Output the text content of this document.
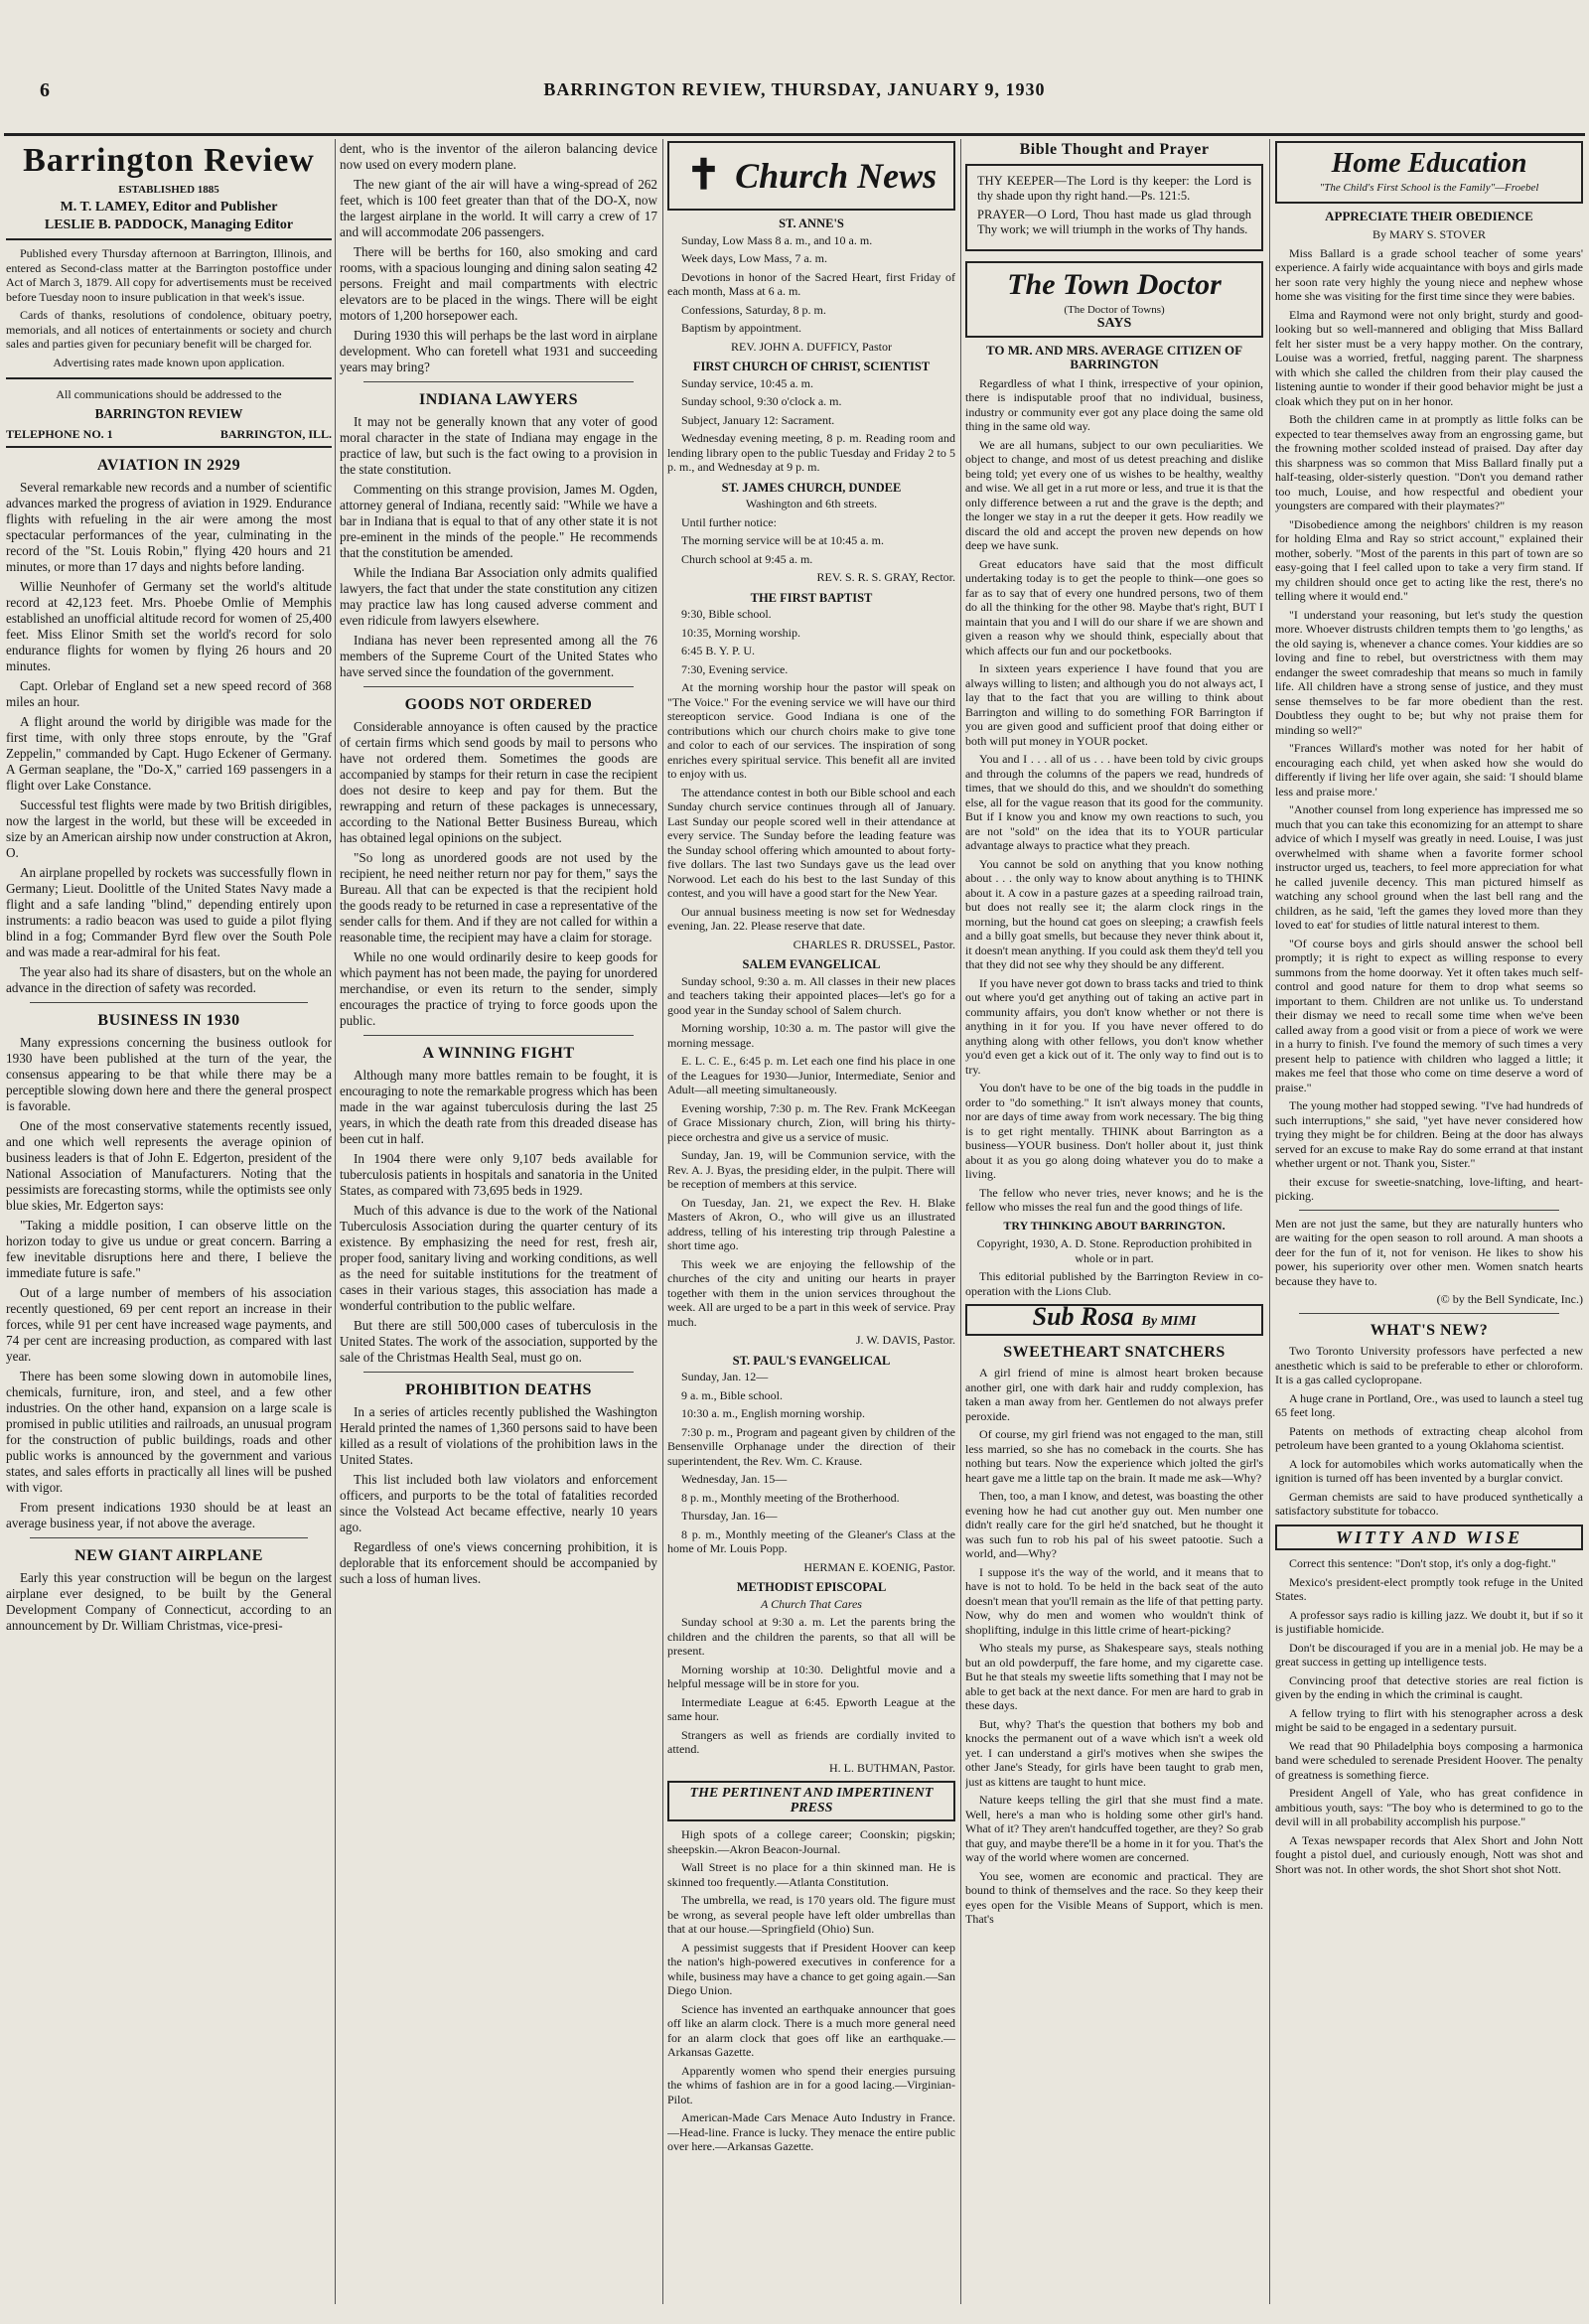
6	BARRINGTON REVIEW, THURSDAY, JANUARY 9, 1930
Barrington Review
ESTABLISHED 1885
M. T. LAMEY, Editor and Publisher
LESLIE B. PADDOCK, Managing Editor

Published every Thursday afternoon at Barrington, Illinois, and entered as Second-class matter at the Barrington postoffice under Act of March 3, 1879. All copy for advertisements must be received before Tuesday noon to insure publication in that week's issue.

Cards of thanks, resolutions of condolence, obituary poetry, memorials, and all notices of entertainments or society and church sales and parties given for pecuniary benefit will be charged for.

Advertising rates made known upon application.

All communications should be addressed to the

BARRINGTON REVIEW

TELEPHONE NO. 1	BARRINGTON, ILL.
AVIATION IN 2929

Several remarkable new records and a number of scientific advances marked the progress of aviation in 1929. Endurance flights with refueling in the air were among the most spectacular performances of the year, culminating in the record of the "St. Louis Robin," flying 420 hours and 21 minutes, or more than 17 days and nights before landing.

Willie Neunhofer of Germany set the world's altitude record at 42,123 feet. Mrs. Phoebe Omlie of Memphis established an unofficial altitude record for women of 25,400 feet. Miss Elinor Smith set the world's record for solo endurance flights for women by flying 26 hours and 20 minutes.

Capt. Orlebar of England set a new speed record of 368 miles an hour.

A flight around the world by dirigible was made for the first time, with only three stops enroute, by the "Graf Zeppelin," commanded by Capt. Hugo Eckener of Germany. A German seaplane, the "Do-X," carried 169 passengers in a flight over Lake Constance.

Successful test flights were made by two British dirigibles, now the largest in the world, but these will be exceeded in size by an American airship now under construction at Akron, O.

An airplane propelled by rockets was successfully flown in Germany; Lieut. Doolittle of the United States Navy made a flight and a safe landing "blind," depending entirely upon instruments: a radio beacon was used to guide a pilot flying blind in a fog; Commander Byrd flew over the South Pole and was made a rear-admiral for his feat.

The year also had its share of disasters, but on the whole an advance in the direction of safety was recorded.

BUSINESS IN 1930

Many expressions concerning the business outlook for 1930 have been published at the turn of the year, the consensus appearing to be that while there may be a perceptible slowing down here and there the general prospect is favorable.

One of the most conservative statements recently issued, and one which well represents the average opinion of business leaders is that of John E. Edgerton, president of the National Association of Manufacturers. Noting that the pessimists are forecasting storms, while the optimists see only blue skies, Mr. Edgerton says:

"Taking a middle position, I can observe little on the horizon today to give us undue or great concern. Barring a few inevitable disruptions here and there, I believe the immediate future is safe."

Out of a large number of members of his association recently questioned, 69 per cent report an increase in their forces, while 91 per cent have increased wage payments, and 74 per cent are increasing production, as compared with last year.

There has been some slowing down in automobile lines, chemicals, furniture, iron, and steel, and a few other industries. On the other hand, expansion on a large scale is promised in public utilities and railroads, an unusual program for the construction of public buildings, roads and other public works is announced by the government and various states, and sales efforts in practically all lines will be pushed with vigor.

From present indications 1930 should be at least an average business year, if not above the average.

NEW GIANT AIRPLANE

Early this year construction will be begun on the largest airplane ever designed, to be built by the General Development Company of Connecticut, according to an announcement by Dr. William Christmas, vice-presi-

dent, who is the inventor of the aileron balancing device now used on every modern plane.

The new giant of the air will have a wing-spread of 262 feet, which is 100 feet greater than that of the DO-X, now the largest airplane in the world. It will carry a crew of 17 and will accommodate 206 passengers.

There will be berths for 160, also smoking and card rooms, with a spacious lounging and dining salon seating 42 persons. Freight and mail compartments with electric elevators are to be placed in the wings. There will be eight motors of 1,200 horsepower each.

During 1930 this will perhaps be the last word in airplane development. Who can foretell what 1931 and succeeding years may bring?

INDIANA LAWYERS

It may not be generally known that any voter of good moral character in the state of Indiana may engage in the practice of law, but such is the fact owing to a provision in the state constitution.

Commenting on this strange provision, James M. Ogden, attorney general of Indiana, recently said: "While we have a bar in Indiana that is equal to that of any other state it is not pre-eminent in the minds of the people." He recommends that the constitution be amended.

While the Indiana Bar Association only admits qualified lawyers, the fact that under the state constitution any citizen may practice law has long caused adverse comment and even ridicule from lawyers elsewhere.

Indiana has never been represented among all the 76 members of the Supreme Court of the United States who have served since the foundation of the government.

GOODS NOT ORDERED

Considerable annoyance is often caused by the practice of certain firms which send goods by mail to persons who have not ordered them. Sometimes the goods are accompanied by stamps for their return in case the recipient does not desire to keep and pay for them. But the rewrapping and return of these packages is unnecessary, according to the National Better Business Bureau, which has obtained legal opinions on the subject.

"So long as unordered goods are not used by the recipient, he need neither return nor pay for them," says the Bureau. All that can be expected is that the recipient hold the goods ready to be returned in case a representative of the sender calls for them. And if they are not called for within a reasonable time, the recipient may have a claim for storage.

While no one would ordinarily desire to keep goods for which payment has not been made, the paying for unordered merchandise, or even its return to the sender, simply encourages the practice of trying to force goods upon the public.

A WINNING FIGHT

Although many more battles remain to be fought, it is encouraging to note the remarkable progress which has been made in the war against tuberculosis during the last 25 years, in which the death rate from this dreaded disease has been cut in half.

In 1904 there were only 9,107 beds available for tuberculosis patients in hospitals and sanatoria in the United States, as compared with 73,695 beds in 1929.

Much of this advance is due to the work of the National Tuberculosis Association during the quarter century of its existence. By emphasizing the need for rest, fresh air, proper food, sanitary living and working conditions, as well as the need for suitable institutions for the treatment of cases in their various stages, this association has made a wonderful contribution to the public welfare.

But there are still 500,000 cases of tuberculosis in the United States. The work of the association, supported by the sale of the Christmas Health Seal, must go on.

PROHIBITION DEATHS

In a series of articles recently published the Washington Herald printed the names of 1,360 persons said to have been killed as a result of violations of the prohibition laws in the United States.

This list included both law violators and enforcement officers, and purports to be the total of fatalities recorded since the Volstead Act became effective, nearly 10 years ago.

Regardless of one's views concerning prohibition, it is deplorable that its enforcement should be accompanied by such a loss of human lives.

✝ Church News
ST. ANNE'S

Sunday, Low Mass 8 a. m., and 10 a. m.

Week days, Low Mass, 7 a. m.

Devotions in honor of the Sacred Heart, first Friday of each month, Mass at 6 a. m.

Confessions, Saturday, 8 p. m.

Baptism by appointment.

REV. JOHN A. DUFFICY, Pastor

FIRST CHURCH OF CHRIST, SCIENTIST

Sunday service, 10:45 a. m.

Sunday school, 9:30 o'clock a. m.

Subject, January 12: Sacrament.

Wednesday evening meeting, 8 p. m. Reading room and lending library open to the public Tuesday and Friday 2 to 5 p. m., and Wednesday at 9 p. m.

ST. JAMES CHURCH, DUNDEE

Washington and 6th streets.

Until further notice:

The morning service will be at 10:45 a. m.

Church school at 9:45 a. m.

REV. S. R. S. GRAY, Rector.

THE FIRST BAPTIST

9:30, Bible school.

10:35, Morning worship.

6:45 B. Y. P. U.

7:30, Evening service.

At the morning worship hour the pastor will speak on "The Voice." For the evening service we will have our third stereopticon service. Good Indiana is one of the contributions which our church choirs make to give tone and color to each of our services. The inspiration of song enriches every spiritual service. This benefit all are invited to enjoy with us.

The attendance contest in both our Bible school and each Sunday church service continues through all of January. Last Sunday our people scored well in their attendance at every service. The Sunday before the leading feature was the Sunday school offering which amounted to about forty-five dollars. The last two Sundays gave us the lead over Norwood. Let each do his best to the last Sunday of this contest, and you will have a good start for the New Year.

Our annual business meeting is now set for Wednesday evening, Jan. 22. Please reserve that date.

CHARLES R. DRUSSEL, Pastor.

SALEM EVANGELICAL

Sunday school, 9:30 a. m. All classes in their new places and teachers taking their appointed places—let's go for a good year in the Sunday school of Salem church.

Morning worship, 10:30 a. m. The pastor will give the morning message.

E. L. C. E., 6:45 p. m. Let each one find his place in one of the Leagues for 1930—Junior, Intermediate, Senior and Adult—all meeting simultaneously.

Evening worship, 7:30 p. m. The Rev. Frank McKeegan of Grace Missionary church, Zion, will bring his thirty-piece orchestra and give us a service of music.

Sunday, Jan. 19, will be Communion service, with the Rev. A. J. Byas, the presiding elder, in the pulpit. There will be reception of members at this service.

On Tuesday, Jan. 21, we expect the Rev. H. Blake Masters of Akron, O., who will give us an illustrated address, telling of his interesting trip through Palestine a short time ago.

This week we are enjoying the fellowship of the churches of the city and uniting our hearts in prayer together with them in the union services throughout the week. All are urged to be a part in this week of service. Pray much.

J. W. DAVIS, Pastor.

ST. PAUL'S EVANGELICAL

Sunday, Jan. 12—

9 a. m., Bible school.

10:30 a. m., English morning worship.

7:30 p. m., Program and pageant given by children of the Bensenville Orphanage under the direction of their superintendent, the Rev. Wm. C. Krause.

Wednesday, Jan. 15—

8 p. m., Monthly meeting of the Brotherhood.

Thursday, Jan. 16—

8 p. m., Monthly meeting of the Gleaner's Class at the home of Mr. Louis Popp.

HERMAN E. KOENIG, Pastor.

METHODIST EPISCOPAL

A Church That Cares

Sunday school at 9:30 a. m. Let the parents bring the children and the children the parents, so that all will be present.

Morning worship at 10:30. Delightful movie and a helpful message will be in store for you.

Intermediate League at 6:45. Epworth League at the same hour.

Strangers as well as friends are cordially invited to attend.

H. L. BUTHMAN, Pastor.

THE PERTINENT AND IMPERTINENT PRESS

High spots of a college career; Coonskin; pigskin; sheepskin.—Akron Beacon-Journal.

Wall Street is no place for a thin skinned man. He is skinned too frequently.—Atlanta Constitution.

The umbrella, we read, is 170 years old. The figure must be wrong, as several people have left older umbrellas than that at our house.—Springfield (Ohio) Sun.

A pessimist suggests that if President Hoover can keep the nation's high-powered executives in conference for a while, business may have a chance to get going again.—San Diego Union.

Science has invented an earthquake announcer that goes off like an alarm clock. There is a much more general need for an alarm clock that goes off like an earthquake.—Arkansas Gazette.

Apparently women who spend their energies pursuing the whims of fashion are in for a good lacing.—Virginian-Pilot.

American-Made Cars Menace Auto Industry in France.—Head-line. France is lucky. They menace the entire public over here.—Arkansas Gazette.

Bible Thought and Prayer

THY KEEPER—The Lord is thy keeper: the Lord is thy shade upon thy right hand.—Ps. 121:5.

PRAYER—O Lord, Thou hast made us glad through Thy work; we will triumph in the works of Thy hands.

The Town Doctor
(The Doctor of Towns)
SAYS
TO MR. AND MRS. AVERAGE CITIZEN OF BARRINGTON

Regardless of what I think, irrespective of your opinion, there is indisputable proof that no individual, business, industry or community ever got any place doing the same old thing in the same old way.

We are all humans, subject to our own peculiarities. We object to change, and most of us detest preaching and dislike being told; yet every one of us wishes to be healthy, wealthy and wise. We all get in a rut more or less, and true it is that the only difference between a rut and the grave is the depth; and the longer we stay in a rut the deeper it gets. How readily we discard the old and accept the proven new depends on how deep we have sunk.

Great educators have said that the most difficult undertaking today is to get the people to think—one goes so far as to say that of every one hundred persons, two of them do all the thinking for the other 98. Maybe that's right, BUT I maintain that you and I will do our share if we are shown and given a reason why we should think, especially about that which affects our fun and our pocketbooks.

In sixteen years experience I have found that you are always willing to listen; and although you do not always act, I lay that to the fact that you are willing to think about Barrington and willing to do something FOR Barrington if you are given good and sufficient proof that doing either or both will put money in YOUR pocket.

You and I . . . all of us . . . have been told by civic groups and through the columns of the papers we read, hundreds of times, that we should do this, and we shouldn't do something else, all for the vague reason that its good for the community. But if I know you and know my own reactions to such, you are not "sold" on the idea that its to YOUR particular advantage always to practice what they preach.

You cannot be sold on anything that you know nothing about . . . the only way to know about anything is to THINK about it. A cow in a pasture gazes at a speeding railroad train, but does not really see it; the alarm clock rings in the morning, but the hound cat goes on sleeping; a crawfish feels and a billy goat smells, but because they never think about it, it doesn't mean anything. If you could ask them they'd tell you that they did not see why they should be any different.

If you have never got down to brass tacks and tried to think out where you'd get anything out of taking an active part in community affairs, you don't know whether or not there is anything in it for you. If you have never offered to do anything along with other fellows, you don't know whether you'd even get a kick out of it. The only way to find out is to try.

You don't have to be one of the big toads in the puddle in order to "do something." It isn't always money that counts, nor are days of time away from work necessary. The big thing is to get right mentally. THINK about Barrington as a business—YOUR business. Don't holler about it, just think about it as you go along doing whatever you do to make a living.

The fellow who never tries, never knows; and he is the fellow who misses the real fun and the good things of life.

TRY THINKING ABOUT BARRINGTON.

Copyright, 1930, A. D. Stone. Reproduction prohibited in whole or in part.

This editorial published by the Barrington Review in co-operation with the Lions Club.

Sub Rosa By MIMI
SWEETHEART SNATCHERS

A girl friend of mine is almost heart broken because another girl, one with dark hair and ruddy complexion, has taken a man away from her. Gentlemen do not always prefer peroxide.

Of course, my girl friend was not engaged to the man, still less married, so she has no comeback in the courts. She has nothing but tears. Now the experience which jolted the girl's heart gave me a little tap on the brain. It made me ask—Why?

Then, too, a man I know, and detest, was boasting the other evening how he had cut another guy out. Men number one didn't really care for the girl he'd snatched, but he thought it was such fun to rob his pal of his sweet patootie. Such a world, and—Why?

I suppose it's the way of the world, and it means that to have is not to hold. To be held in the back seat of the auto doesn't mean that you'll remain as the life of that petting party. Now, why do men and women who wouldn't think of shoplifting, indulge in this little crime of heart-picking?

Who steals my purse, as Shakespeare says, steals nothing but an old powderpuff, the fare home, and my cigarette case. But he that steals my sweetie lifts something that I may not be able to get back at the next dance. For men are hard to grab in these days.

But, why? That's the question that bothers my bob and knocks the permanent out of a wave which isn't a week old yet. I can understand a girl's motives when she swipes the other Jane's Steady, for girls have been taught to grab men, just as kittens are taught to hunt mice.

Nature keeps telling the girl that she must find a mate. Well, here's a man who is holding some other girl's hand. What of it? They aren't handcuffed together, are they? So grab that guy, and maybe there'll be a home in it for you. That's the way of the world where women are concerned.

You see, women are economic and practical. They are bound to think of themselves and the race. So they keep their eyes open for the Visible Means of Support, which is men. That's

Home Education
"The Child's First School is the Family"—Froebel
APPRECIATE THEIR OBEDIENCE

By MARY S. STOVER

Miss Ballard is a grade school teacher of some years' experience. A fairly wide acquaintance with boys and girls made her soon rate very highly the young niece and nephew whose home she was visiting for the first time since they were babies.

Elma and Raymond were not only bright, sturdy and good-looking but so well-mannered and obliging that Miss Ballard felt her sister must be a very happy mother. On the contrary, Louise was a worried, fretful, nagging parent. The sharpness with which she called the children from their play caused the listening auntie to wonder if their good behavior might be just a cloak which they put on in her honor.

Both the children came in at promptly as little folks can be expected to tear themselves away from an engrossing game, but the frowning mother scolded instead of praised. Day after day this sharpness was so common that Miss Ballard finally put a half-teasing, older-sisterly question. "Don't you demand rather too much, Louise, and how respectful and obedient your youngsters are compared with their playmates?"

"Disobedience among the neighbors' children is my reason for holding Elma and Ray so strict account," explained their mother, soberly. "Most of the parents in this part of town are so easy-going that I feel called upon to take a very firm stand. If my children should once get to acting like the rest, there's no telling where it would end."

"I understand your reasoning, but let's study the question more. Whoever distrusts children tempts them to 'go lengths,' as the old saying is, whenever a chance comes. Your kiddies are so loving and fine to rebel, but overstrictness with them may endanger the sweet comradeship that means so much in family life. All children have a strong sense of justice, and they must sense themselves to be far more obedient than the rest. Doubtless they ought to be; but why not praise them for minding so well?"

"Frances Willard's mother was noted for her habit of encouraging each child, yet when asked how she would do differently if living her life over again, she said: 'I should blame less and praise more.'

"Another counsel from long experience has impressed me so much that you can take this economizing for an attempt to share advice of which I myself was greatly in need. Louise, I was just overwhelmed with shame when a favorite former school instructor urged us, teachers, to feel more appreciation for what he called juvenile decency. This man pictured himself as watching any school ground when the last bell rang and the children, as he said, 'left the games they loved more than they loved to eat' for studies of little natural interest to them.

"Of course boys and girls should answer the school bell promptly; it is right to expect as willing response to every summons from the home doorway. Yet it often takes much self-control and good nature for them to drop what seems so important to them. Children are not unlike us. To understand their dismay we need to recall some time when we've been called away from a good visit or from a piece of work we were in a hurry to finish. I've found the memory of such times a very present help to patience with children who lagged a little; it makes me feel that those who come on time deserve a word of praise."

The young mother had stopped sewing. "I've had hundreds of such interruptions," she said, "yet have never considered how trying they might be for children. Being at the door has always served for an excuse to make Ray do some errand at that instant whether urgent or not. Thank you, Sister."

their excuse for sweetie-snatching, love-lifting, and heart-picking.

Men are not just the same, but they are naturally hunters who are waiting for the open season to roll around. A man shoots a deer for the fun of it, not for venison. He likes to show his power, his superiority over other men. Women snatch hearts because they have to.

(© by the Bell Syndicate, Inc.)

WHAT'S NEW?

Two Toronto University professors have perfected a new anesthetic which is said to be preferable to ether or chloroform. It is a gas called cyclopropane.

A huge crane in Portland, Ore., was used to launch a steel tug 65 feet long.

Patents on methods of extracting cheap alcohol from petroleum have been granted to a young Oklahoma scientist.

A lock for automobiles which works automatically when the ignition is turned off has been invented by a burglar convict.

German chemists are said to have produced synthetically a satisfactory substitute for tobacco.

WITTY AND WISE

Correct this sentence: "Don't stop, it's only a dog-fight."

Mexico's president-elect promptly took refuge in the United States.

A professor says radio is killing jazz. We doubt it, but if so it is justifiable homicide.

Don't be discouraged if you are in a menial job. He may be a great success in getting up intelligence tests.

Convincing proof that detective stories are real fiction is given by the ending in which the criminal is caught.

A fellow trying to flirt with his stenographer across a desk might be said to be engaged in a sedentary pursuit.

We read that 90 Philadelphia boys composing a harmonica band were scheduled to serenade President Hoover. The penalty of greatness is something fierce.

President Angell of Yale, who has great confidence in ambitious youth, says: "The boy who is determined to go to the devil will in all probability accomplish his purpose."

A Texas newspaper records that Alex Short and John Nott fought a pistol duel, and curiously enough, Nott was shot and Short was not. In other words, the shot Short shot shot Nott.
